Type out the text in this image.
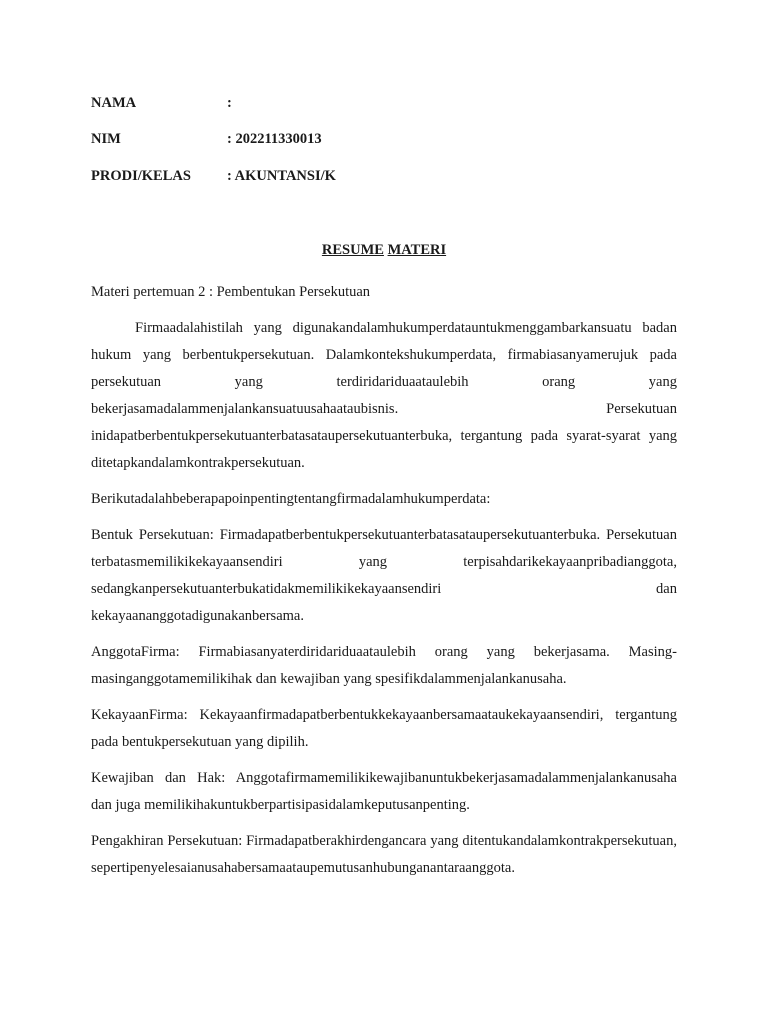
NAMA	:
NIM	: 202211330013
PRODI/KELAS : AKUNTANSI/K
RESUME MATERI

Materi pertemuan 2 : Pembentukan Persekutuan

Firmaadalahistilah yang digunakandalamhukumperdatauntukmenggambarkansuatu badan hukum yang berbentukpersekutuan. Dalamkontekshukumperdata, firmabiasanyamerujuk pada persekutuan yang terdiridariduaataulebih orang yang bekerjasamadalammenjalankansuatuusahaataubisnis. Persekutuan inidapatberbentukpersekutuanterbatasataupersekutuanterbuka, tergantung pada syarat-syarat yang ditetapkandalamkontrakpersekutuan.

Berikutadalahbeberapapoinpentingtentangfirmadalamhukumperdata:

Bentuk Persekutuan: Firmadapatberbentukpersekutuanterbatasataupersekutuanterbuka. Persekutuan terbatasmemilikikekayaansendiri yang terpisahdarikekayaanpribadianggota, sedangkanpersekutuanterbukatidakmemilikikekayaansendiri dan kekayaananggotadigunakanbersama.

AnggotaFirma: Firmabiasanyaterdiridariduaataulebih orang yang bekerjasama. Masing-masinganggotamemilikihak dan kewajiban yang spesifikdalammenjalankanusaha.

KekayaanFirma: Kekayaanfirmadapatberbentukkekayaanbersamaataukekayaansendiri, tergantung pada bentukpersekutuan yang dipilih.

Kewajiban dan Hak: Anggotafirmamemilikikewajibanuntukbekerjasamadalammenjalankanusaha dan juga memilikihakuntukberpartisipasidalamkeputusanpenting.

Pengakhiran Persekutuan: Firmadapatberakhirdengancara yang ditentukandalamkontrakpersekutuan, sepertipenyelesaianusahabersamaataupemutusanhubunganantaraanggota.
